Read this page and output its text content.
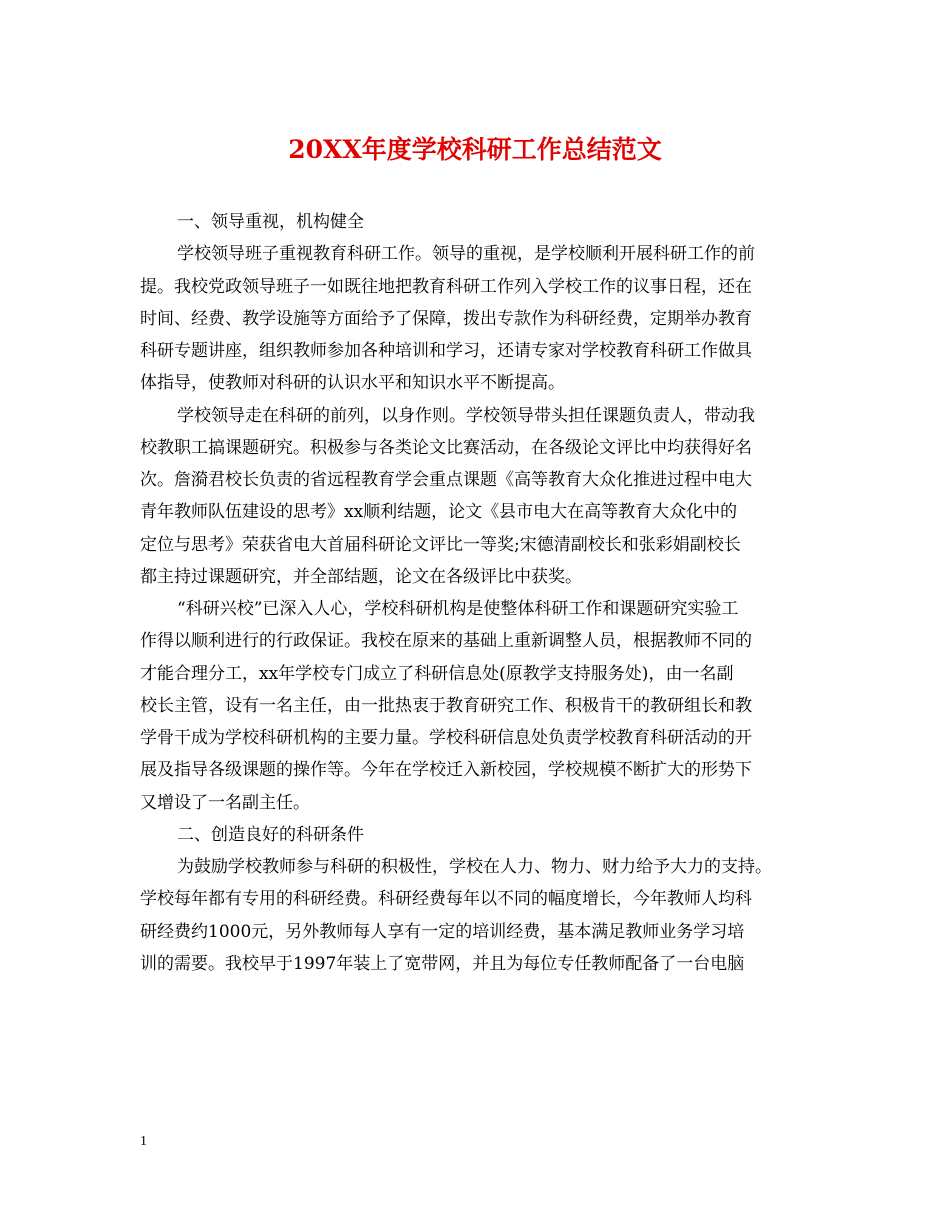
20XX年度学校科研工作总结范文
一、领导重视，机构健全
学校领导班子重视教育科研工作。领导的重视，是学校顺利开展科研工作的前
提。我校党政领导班子一如既往地把教育科研工作列入学校工作的议事日程，还在
时间、经费、教学设施等方面给予了保障，拨出专款作为科研经费，定期举办教育
科研专题讲座，组织教师参加各种培训和学习，还请专家对学校教育科研工作做具
体指导，使教师对科研的认识水平和知识水平不断提高。
学校领导走在科研的前列，以身作则。学校领导带头担任课题负责人，带动我
校教职工搞课题研究。积极参与各类论文比赛活动，在各级论文评比中均获得好名
次。詹漪君校长负责的省远程教育学会重点课题《高等教育大众化推进过程中电大
青年教师队伍建设的思考》xx顺利结题，论文《县市电大在高等教育大众化中的
定位与思考》荣获省电大首届科研论文评比一等奖;宋德清副校长和张彩娟副校长
都主持过课题研究，并全部结题，论文在各级评比中获奖。
“科研兴校”已深入人心，学校科研机构是使整体科研工作和课题研究实验工
作得以顺利进行的行政保证。我校在原来的基础上重新调整人员，根据教师不同的
才能合理分工，xx年学校专门成立了科研信息处(原教学支持服务处)，由一名副
校长主管，设有一名主任，由一批热衷于教育研究工作、积极肯干的教研组长和教
学骨干成为学校科研机构的主要力量。学校科研信息处负责学校教育科研活动的开
展及指导各级课题的操作等。今年在学校迁入新校园，学校规模不断扩大的形势下
又增设了一名副主任。
二、创造良好的科研条件
为鼓励学校教师参与科研的积极性，学校在人力、物力、财力给予大力的支持。
学校每年都有专用的科研经费。科研经费每年以不同的幅度增长，今年教师人均科
研经费约1000元，另外教师每人享有一定的培训经费，基本满足教师业务学习培
训的需要。我校早于1997年装上了宽带网，并且为每位专任教师配备了一台电脑
1
